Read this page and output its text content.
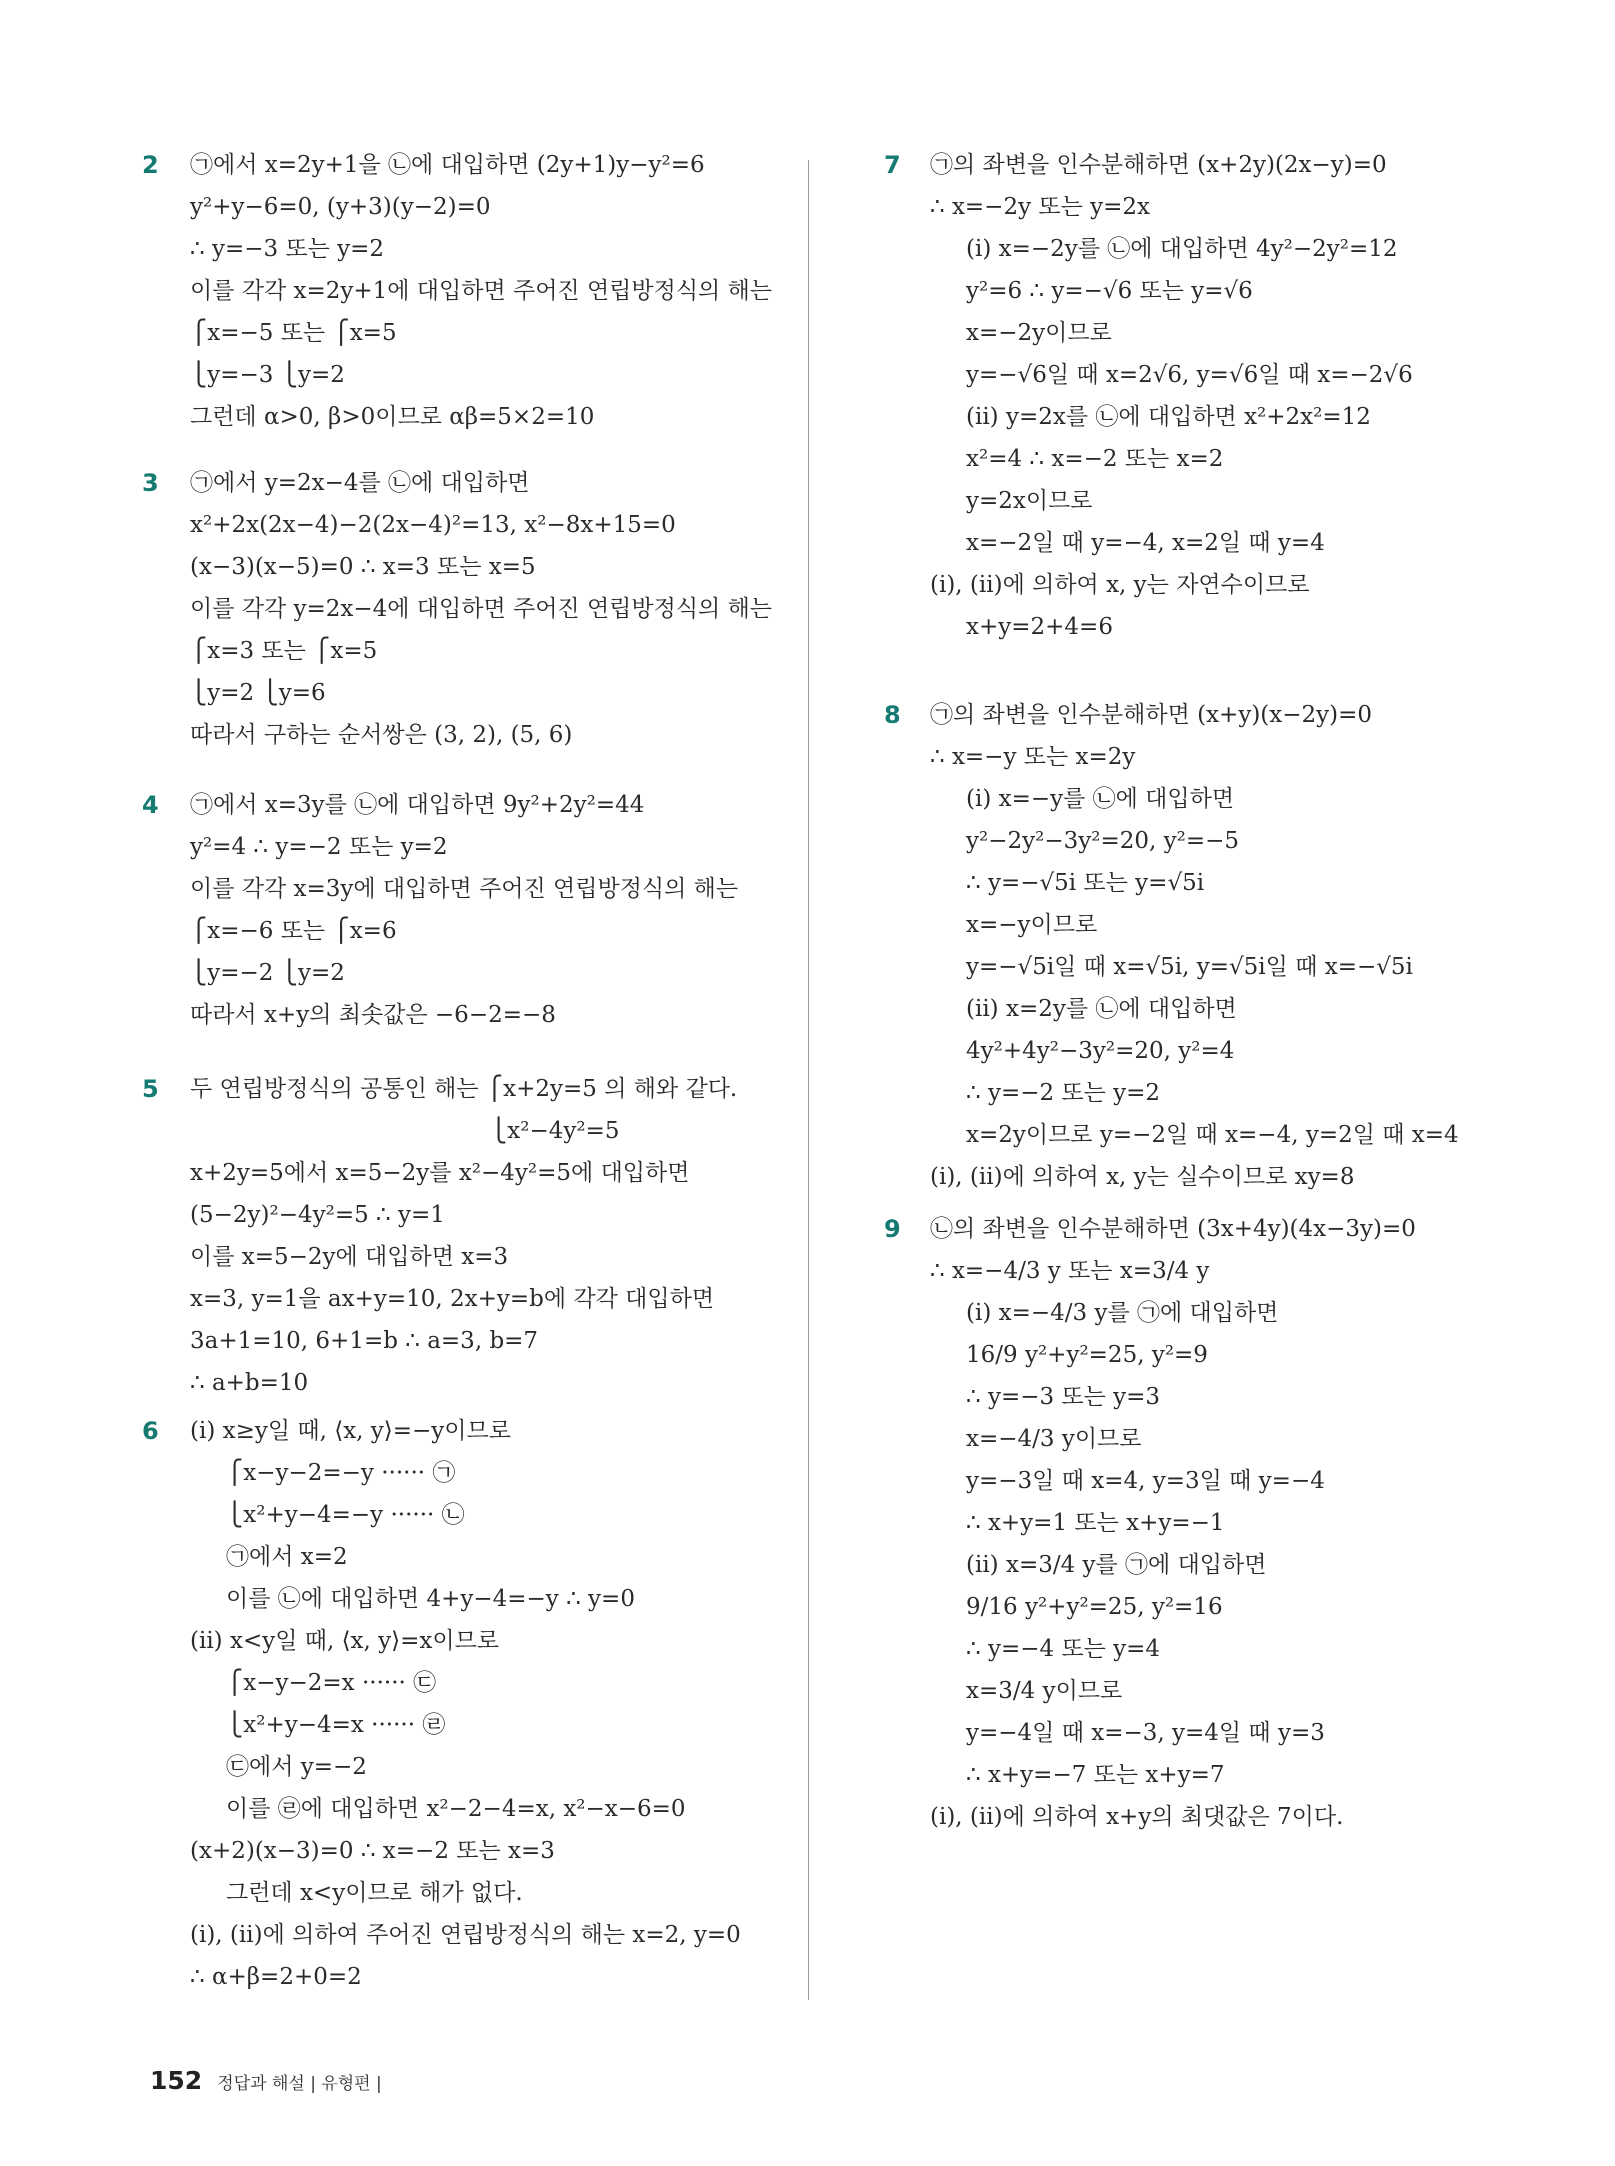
2 ㉠에서 x=2y+1을 ㉡에 대입하면 (2y+1)y−y²=6
y²+y−6=0, (y+3)(y−2)=0
∴ y=−3 또는 y=2
이를 각각 x=2y+1에 대입하면 주어진 연립방정식의 해는
⎧x=−5 또는 ⎧x=5
⎩y=−3 ⎩y=2
그런데 α>0, β>0이므로 αβ=5×2=10
3 ㉠에서 y=2x−4를 ㉡에 대입하면
x²+2x(2x−4)−2(2x−4)²=13, x²−8x+15=0
(x−3)(x−5)=0 ∴ x=3 또는 x=5
이를 각각 y=2x−4에 대입하면 주어진 연립방정식의 해는
⎧x=3 또는 ⎧x=5
⎩y=2 ⎩y=6
따라서 구하는 순서쌍은 (3, 2), (5, 6)
4 ㉠에서 x=3y를 ㉡에 대입하면 9y²+2y²=44
y²=4 ∴ y=−2 또는 y=2
이를 각각 x=3y에 대입하면 주어진 연립방정식의 해는
⎧x=−6 또는 ⎧x=6
⎩y=−2 ⎩y=2
따라서 x+y의 최솟값은 −6−2=−8
5 두 연립방정식의 공통인 해는 ⎧x+2y=5 의 해와 같다.
⎩x²−4y²=5
x+2y=5에서 x=5−2y를 x²−4y²=5에 대입하면
(5−2y)²−4y²=5 ∴ y=1
이를 x=5−2y에 대입하면 x=3
x=3, y=1을 ax+y=10, 2x+y=b에 각각 대입하면
3a+1=10, 6+1=b ∴ a=3, b=7
∴ a+b=10
6 (ⅰ) x≥y일 때, ⟨x, y⟩=−y이므로
⎧x−y−2=−y ······ ㉠
⎩x²+y−4=−y ······ ㉡
㉠에서 x=2
이를 ㉡에 대입하면 4+y−4=−y ∴ y=0
(ⅱ) x<y일 때, ⟨x, y⟩=x이므로
⎧x−y−2=x ······ ㉢
⎩x²+y−4=x ······ ㉣
㉢에서 y=−2
이를 ㉣에 대입하면 x²−2−4=x, x²−x−6=0
(x+2)(x−3)=0 ∴ x=−2 또는 x=3
그런데 x<y이므로 해가 없다.
(ⅰ), (ⅱ)에 의하여 주어진 연립방정식의 해는 x=2, y=0
∴ α+β=2+0=2
7 ㉠의 좌변을 인수분해하면 (x+2y)(2x−y)=0
∴ x=−2y 또는 y=2x
(ⅰ) x=−2y를 ㉡에 대입하면 4y²−2y²=12
y²=6 ∴ y=−√6 또는 y=√6
x=−2y이므로
y=−√6일 때 x=2√6, y=√6일 때 x=−2√6
(ⅱ) y=2x를 ㉡에 대입하면 x²+2x²=12
x²=4 ∴ x=−2 또는 x=2
y=2x이므로
x=−2일 때 y=−4, x=2일 때 y=4
(ⅰ), (ⅱ)에 의하여 x, y는 자연수이므로
x+y=2+4=6
8 ㉠의 좌변을 인수분해하면 (x+y)(x−2y)=0
∴ x=−y 또는 x=2y
(ⅰ) x=−y를 ㉡에 대입하면
y²−2y²−3y²=20, y²=−5
∴ y=−√5i 또는 y=√5i
x=−y이므로
y=−√5i일 때 x=√5i, y=√5i일 때 x=−√5i
(ⅱ) x=2y를 ㉡에 대입하면
4y²+4y²−3y²=20, y²=4
∴ y=−2 또는 y=2
x=2y이므로 y=−2일 때 x=−4, y=2일 때 x=4
(ⅰ), (ⅱ)에 의하여 x, y는 실수이므로 xy=8
9 ㉡의 좌변을 인수분해하면 (3x+4y)(4x−3y)=0
∴ x=−4/3 y 또는 x=3/4 y
(ⅰ) x=−4/3 y를 ㉠에 대입하면
16/9 y²+y²=25, y²=9
∴ y=−3 또는 y=3
x=−4/3 y이므로
y=−3일 때 x=4, y=3일 때 y=−4
∴ x+y=1 또는 x+y=−1
(ⅱ) x=3/4 y를 ㉠에 대입하면
9/16 y²+y²=25, y²=16
∴ y=−4 또는 y=4
x=3/4 y이므로
y=−4일 때 x=−3, y=4일 때 y=3
∴ x+y=−7 또는 x+y=7
(ⅰ), (ⅱ)에 의하여 x+y의 최댓값은 7이다.
152 정답과 해설 | 유형편 |
